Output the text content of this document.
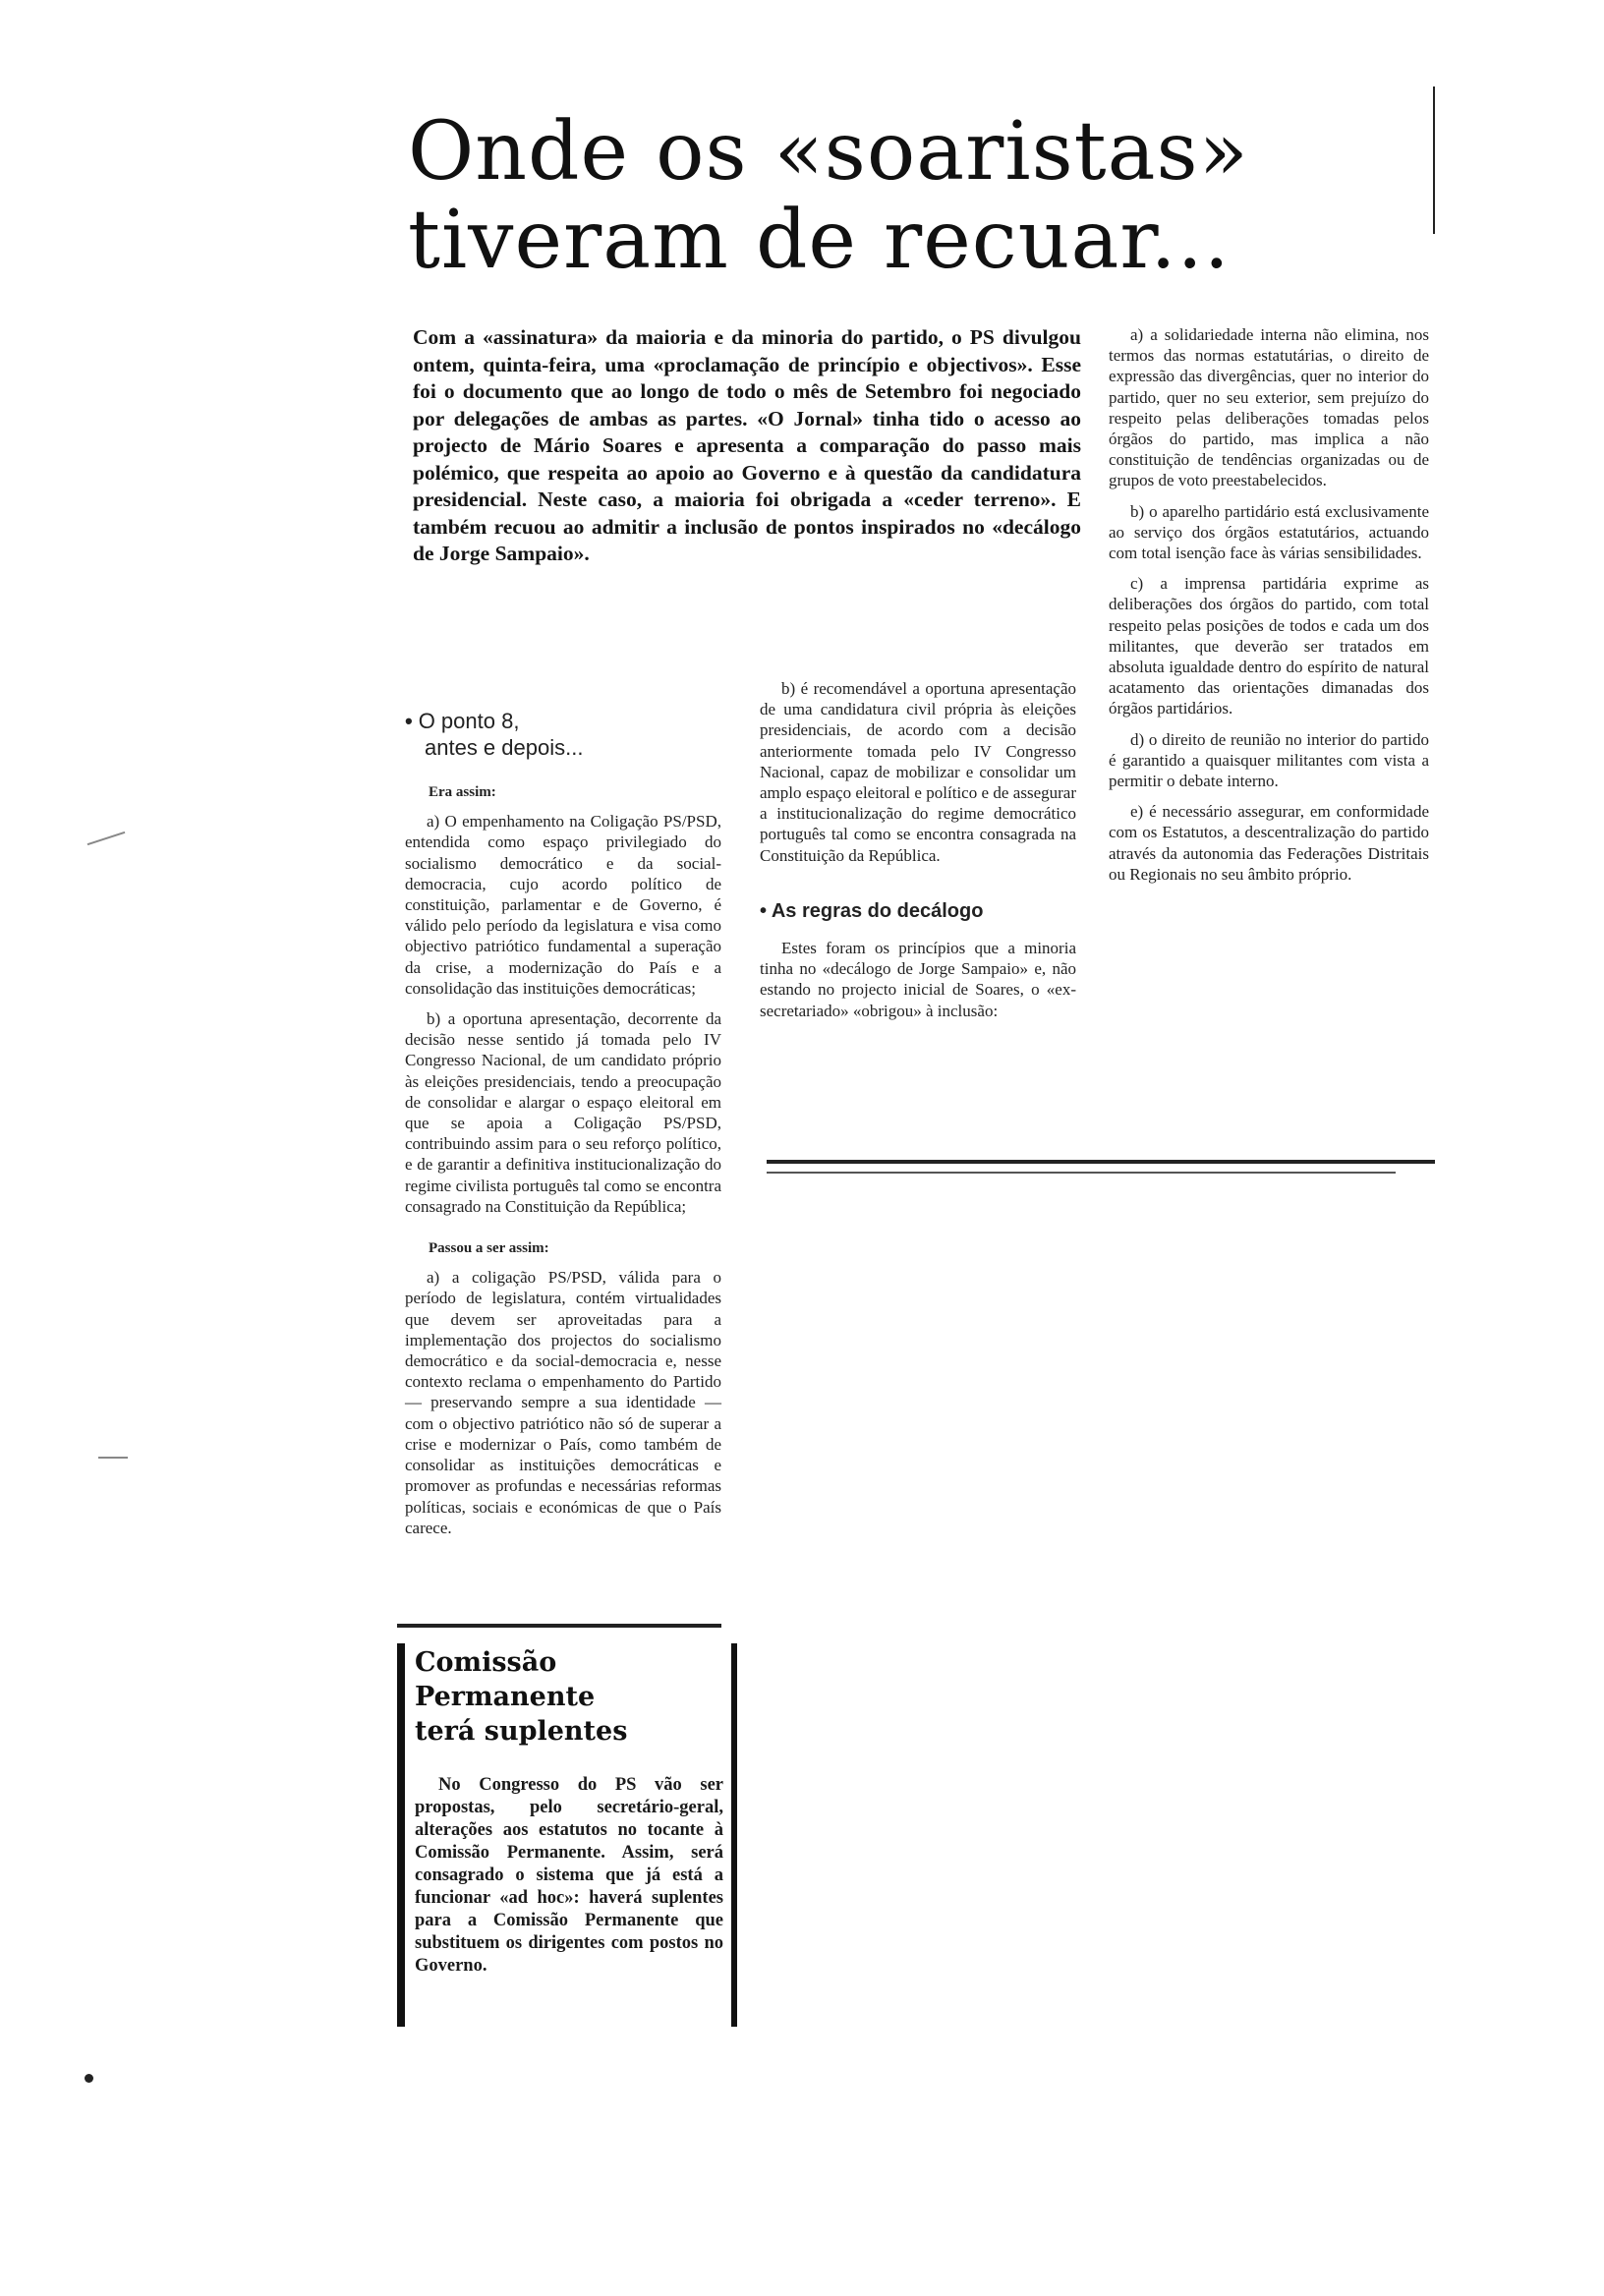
Onde os «soaristas»
tiveram de recuar...
Com a «assinatura» da maioria e da minoria do partido, o PS divulgou ontem, quinta-feira, uma «proclamação de princípio e objectivos». Esse foi o documento que ao longo de todo o mês de Setembro foi negociado por delegações de ambas as partes. «O Jornal» tinha tido o acesso ao projecto de Mário Soares e apresenta a comparação do passo mais polémico, que respeita ao apoio ao Governo e à questão da candidatura presidencial. Neste caso, a maioria foi obrigada a «ceder terreno». E também recuou ao admitir a inclusão de pontos inspirados no «decálogo de Jorge Sampaio».
• O ponto 8,
antes e depois...
Era assim:

a) O empenhamento na Coligação PS/PSD, entendida como espaço privilegiado do socialismo democrático e da social-democracia, cujo acordo político de constituição, parlamentar e de Governo, é válido pelo período da legislatura e visa como objectivo patriótico fundamental a superação da crise, a modernização do País e a consolidação das instituições democráticas;

b) a oportuna apresentação, decorrente da decisão nesse sentido já tomada pelo IV Congresso Nacional, de um candidato próprio às eleições presidenciais, tendo a preocupação de consolidar e alargar o espaço eleitoral em que se apoia a Coligação PS/PSD, contribuindo assim para o seu reforço político, e de garantir a definitiva institucionalização do regime civilista português tal como se encontra consagrado na Constituição da República;

Passou a ser assim:

a) a coligação PS/PSD, válida para o período de legislatura, contém virtualidades que devem ser aproveitadas para a implementação dos projectos do socialismo democrático e da social-democracia e, nesse contexto reclama o empenhamento do Partido — preservando sempre a sua identidade — com o objectivo patriótico não só de superar a crise e modernizar o País, como também de consolidar as instituições democráticas e promover as profundas e necessárias reformas políticas, sociais e económicas de que o País carece.

b) é recomendável a oportuna apresentação de uma candidatura civil própria às eleições presidenciais, de acordo com a decisão anteriormente tomada pelo IV Congresso Nacional, capaz de mobilizar e consolidar um amplo espaço eleitoral e político e de assegurar a institucionalização do regime democrático português tal como se encontra consagrada na Constituição da República.

• As regras do decálogo

Estes foram os princípios que a minoria tinha no «decálogo de Jorge Sampaio» e, não estando no projecto inicial de Soares, o «ex-secretariado» «obrigou» à inclusão:

a) a solidariedade interna não elimina, nos termos das normas estatutárias, o direito de expressão das divergências, quer no interior do partido, quer no seu exterior, sem prejuízo do respeito pelas deliberações tomadas pelos órgãos do partido, mas implica a não constituição de tendências organizadas ou de grupos de voto preestabelecidos.

b) o aparelho partidário está exclusivamente ao serviço dos órgãos estatutários, actuando com total isenção face às várias sensibilidades.

c) a imprensa partidária exprime as deliberações dos órgãos do partido, com total respeito pelas posições de todos e cada um dos militantes, que deverão ser tratados em absoluta igualdade dentro do espírito de natural acatamento das orientações dimanadas dos órgãos partidários.

d) o direito de reunião no interior do partido é garantido a quaisquer militantes com vista a permitir o debate interno.

e) é necessário assegurar, em conformidade com os Estatutos, a descentralização do partido através da autonomia das Federações Distritais ou Regionais no seu âmbito próprio.

Comissão
Permanente
terá suplentes
No Congresso do PS vão ser propostas, pelo secretário-geral, alterações aos estatutos no tocante à Comissão Permanente. Assim, será consagrado o sistema que já está a funcionar «ad hoc»: haverá suplentes para a Comissão Permanente que substituem os dirigentes com postos no Governo.
